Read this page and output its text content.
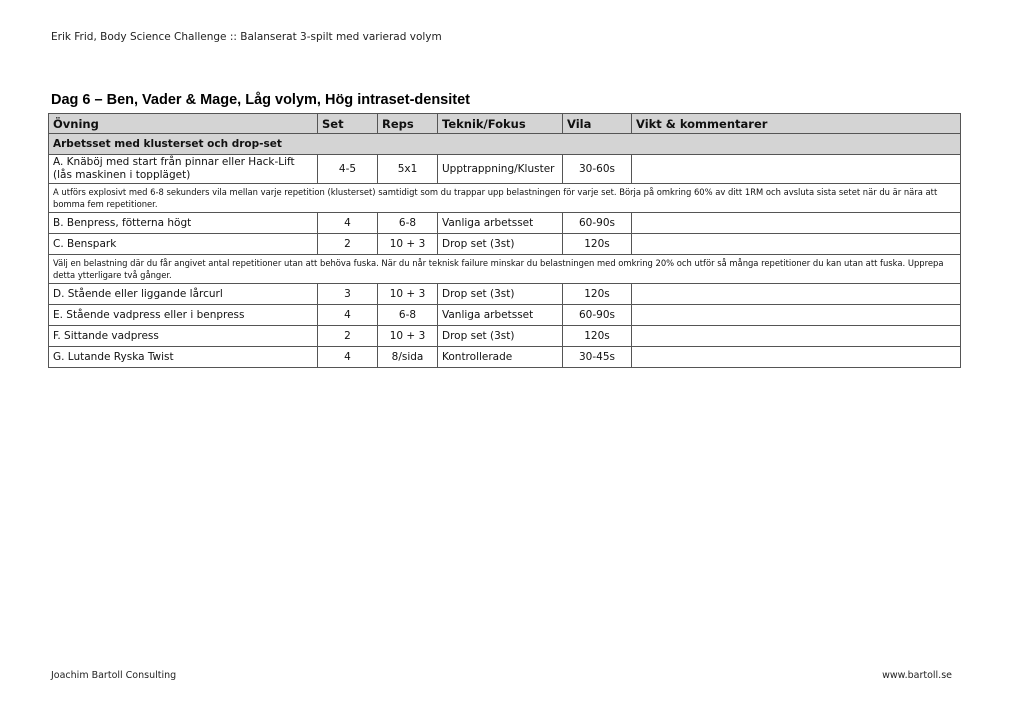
Erik Frid, Body Science Challenge :: Balanserat 3-spilt med varierad volym
Dag 6 – Ben, Vader & Mage, Låg volym, Hög intraset-densitet
Övning	Set	Reps	Teknik/Fokus	Vila	Vikt & kommentarer
Arbetsset med klusterset och drop-set					
A. Knäböj med start från pinnar eller Hack-Lift (lås maskinen i toppläget)	4-5	5x1	Upptrappning/Kluster	30-60s	
A utförs explosivt med 6-8 sekunders vila mellan varje repetition (klusterset) samtidigt som du trappar upp belastningen för varje set. Börja på omkring 60% av ditt 1RM och avsluta sista setet när du är nära att bomma fem repetitioner.					
B. Benpress, fötterna högt	4	6-8	Vanliga arbetsset	60-90s	
C. Benspark	2	10 + 3	Drop set (3st)	120s	
Välj en belastning där du får angivet antal repetitioner utan att behöva fuska. När du når teknisk failure minskar du belastningen med omkring 20% och utför så många repetitioner du kan utan att fuska. Upprepa detta ytterligare två gånger.					
D. Stående eller liggande lårcurl	3	10 + 3	Drop set (3st)	120s	
E. Stående vadpress eller i benpress	4	6-8	Vanliga arbetsset	60-90s	
F. Sittande vadpress	2	10 + 3	Drop set (3st)	120s	
G. Lutande Ryska Twist	4	8/sida	Kontrollerade	30-45s	
Joachim Bartoll Consulting	www.bartoll.se
